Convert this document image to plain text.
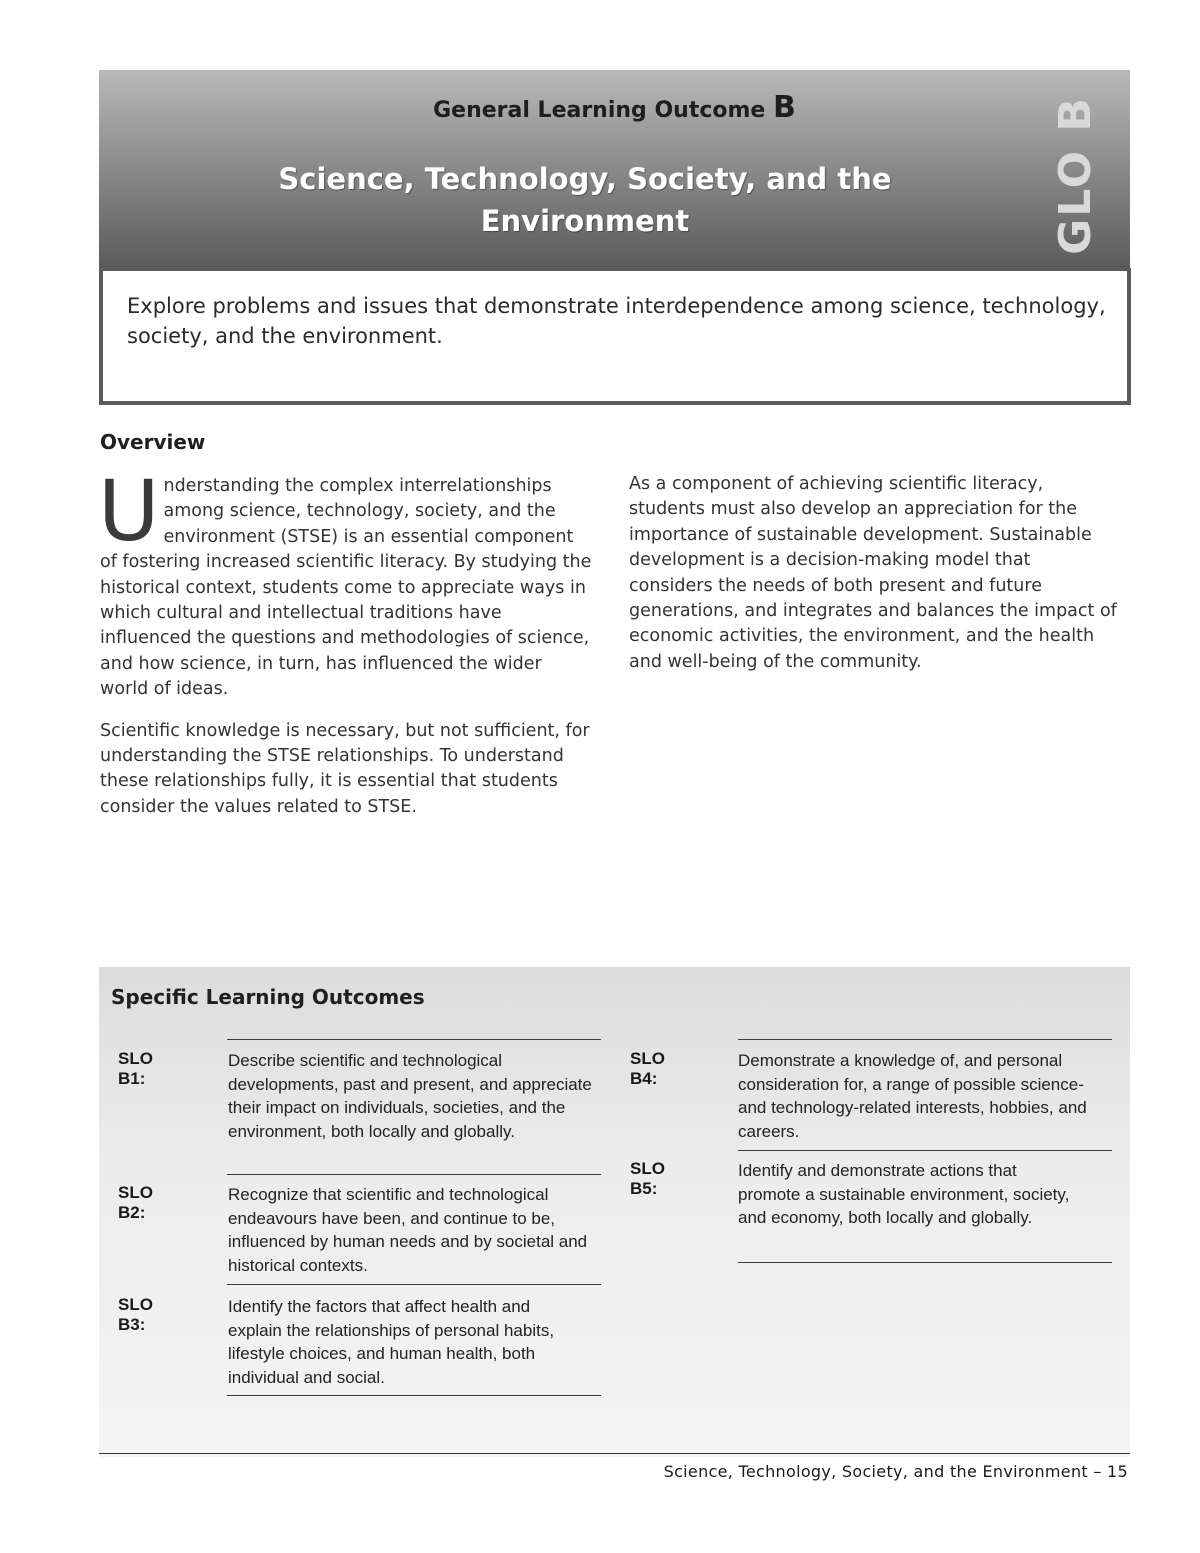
General Learning Outcome B
Science, Technology, Society, and the Environment	GLO B
Explore problems and issues that demonstrate interdependence among science, technology, society, and the environment.
Overview

Understanding the complex interrelationships among science, technology, society, and the environment (STSE) is an essential component of fostering increased scientific literacy. By studying the historical context, students come to appreciate ways in which cultural and intellectual traditions have influenced the questions and methodologies of science, and how science, in turn, has influenced the wider world of ideas.

Scientific knowledge is necessary, but not sufficient, for understanding the STSE relationships. To understand these relationships fully, it is essential that students consider the values related to STSE.

As a component of achieving scientific literacy, students must also develop an appreciation for the importance of sustainable development. Sustainable development is a decision-making model that considers the needs of both present and future generations, and integrates and balances the impact of economic activities, the environment, and the health and well-being of the community.

Specific Learning Outcomes
SLO B1:
Describe scientific and technological developments, past and present, and appreciate their impact on individuals, societies, and the environment, both locally and globally.
SLO B2:
Recognize that scientific and technological endeavours have been, and continue to be, influenced by human needs and by societal and historical contexts.
SLO B3:
Identify the factors that affect health and explain the relationships of personal habits, lifestyle choices, and human health, both individual and social.
SLO B4:
Demonstrate a knowledge of, and personal consideration for, a range of possible science- and technology-related interests, hobbies, and careers.
SLO B5:
Identify and demonstrate actions that promote a sustainable environment, society, and economy, both locally and globally.
Science, Technology, Society, and the Environment – 15
